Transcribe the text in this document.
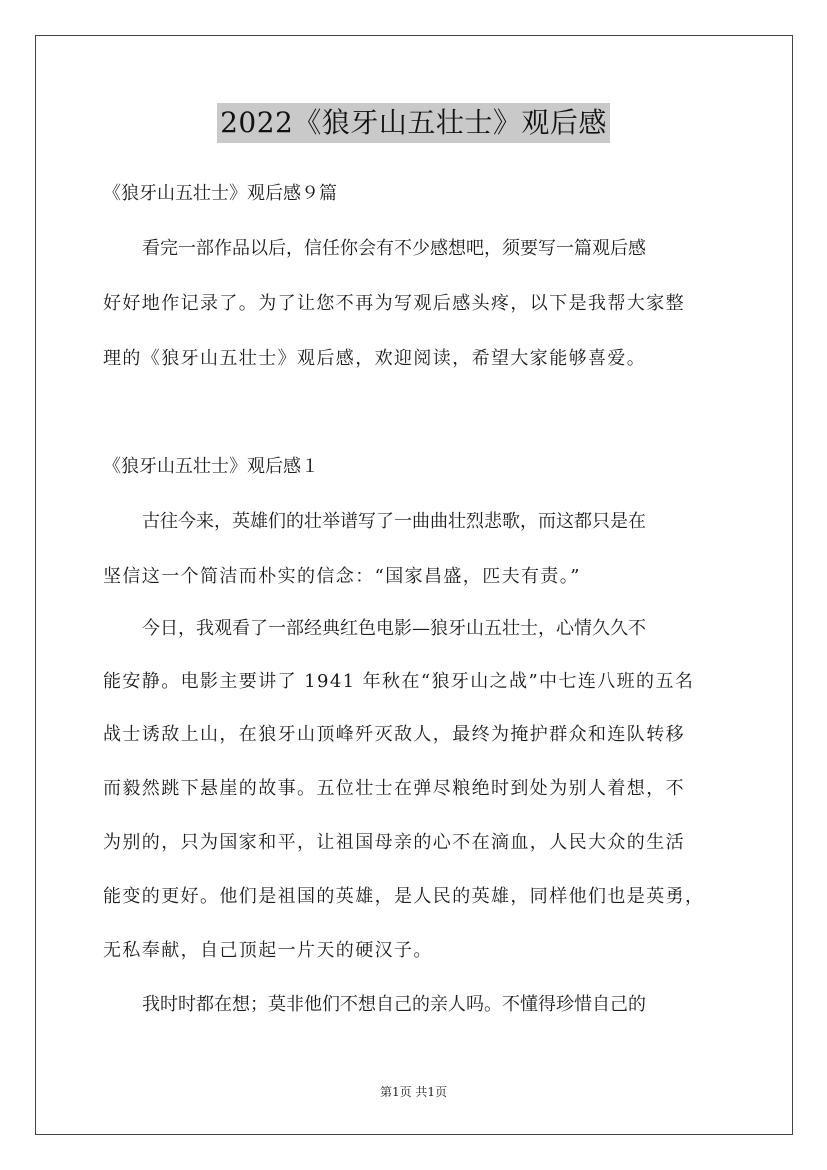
2022《狼牙山五壮士》观后感
《狼牙山五壮士》观后感９篇
看完一部作品以后，信任你会有不少感想吧，须要写一篇观后感
好好地作记录了。为了让您不再为写观后感头疼，以下是我帮大家整
理的《狼牙山五壮士》观后感，欢迎阅读，希望大家能够喜爱。
《狼牙山五壮士》观后感１
古往今来，英雄们的壮举谱写了一曲曲壮烈悲歌，而这都只是在
坚信这一个简洁而朴实的信念：“国家昌盛，匹夫有责。”
今日，我观看了一部经典红色电影—狼牙山五壮士，心情久久不
能安静。电影主要讲了 1941 年秋在“狼牙山之战”中七连八班的五名
战士诱敌上山，在狼牙山顶峰歼灭敌人，最终为掩护群众和连队转移
而毅然跳下悬崖的故事。五位壮士在弹尽粮绝时到处为别人着想，不
为别的，只为国家和平，让祖国母亲的心不在滴血，人民大众的生活
能变的更好。他们是祖国的英雄，是人民的英雄，同样他们也是英勇，
无私奉献，自己顶起一片天的硬汉子。
我时时都在想；莫非他们不想自己的亲人吗。不懂得珍惜自己的
第1页 共1页
